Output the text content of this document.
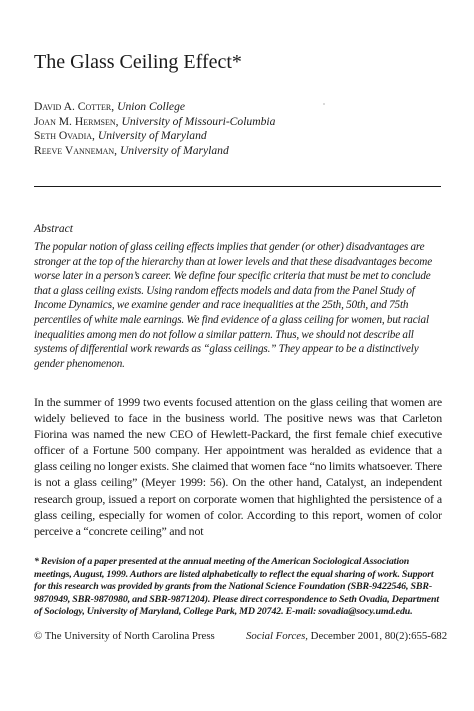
The Glass Ceiling Effect*
David A. Cotter, Union College
Joan M. Hermsen, University of Missouri-Columbia
Seth Ovadia, University of Maryland
Reeve Vanneman, University of Maryland
Abstract
The popular notion of glass ceiling effects implies that gender (or other) disadvantages are stronger at the top of the hierarchy than at lower levels and that these disadvantages become worse later in a person’s career. We define four specific criteria that must be met to conclude that a glass ceiling exists. Using random effects models and data from the Panel Study of Income Dynamics, we examine gender and race inequalities at the 25th, 50th, and 75th percentiles of white male earnings. We find evidence of a glass ceiling for women, but racial inequalities among men do not follow a similar pattern. Thus, we should not describe all systems of differential work rewards as “glass ceilings.” They appear to be a distinctively gender phenomenon.
In the summer of 1999 two events focused attention on the glass ceiling that women are widely believed to face in the business world. The positive news was that Carleton Fiorina was named the new CEO of Hewlett-Packard, the first female chief executive officer of a Fortune 500 company. Her appointment was heralded as evidence that a glass ceiling no longer exists. She claimed that women face “no limits whatsoever. There is not a glass ceiling” (Meyer 1999: 56). On the other hand, Catalyst, an independent research group, issued a report on corporate women that highlighted the persistence of a glass ceiling, especially for women of color. According to this report, women of color perceive a “concrete ceiling” and not
* Revision of a paper presented at the annual meeting of the American Sociological Association meetings, August, 1999. Authors are listed alphabetically to reflect the equal sharing of work. Support for this research was provided by grants from the National Science Foundation (SBR-9422546, SBR-9870949, SBR-9870980, and SBR-9871204). Please direct correspondence to Seth Ovadia, Department of Sociology, University of Maryland, College Park, MD 20742. E-mail: sovadia@socy.umd.edu.
© The University of North Carolina Press	Social Forces, December 2001, 80(2):655-682
